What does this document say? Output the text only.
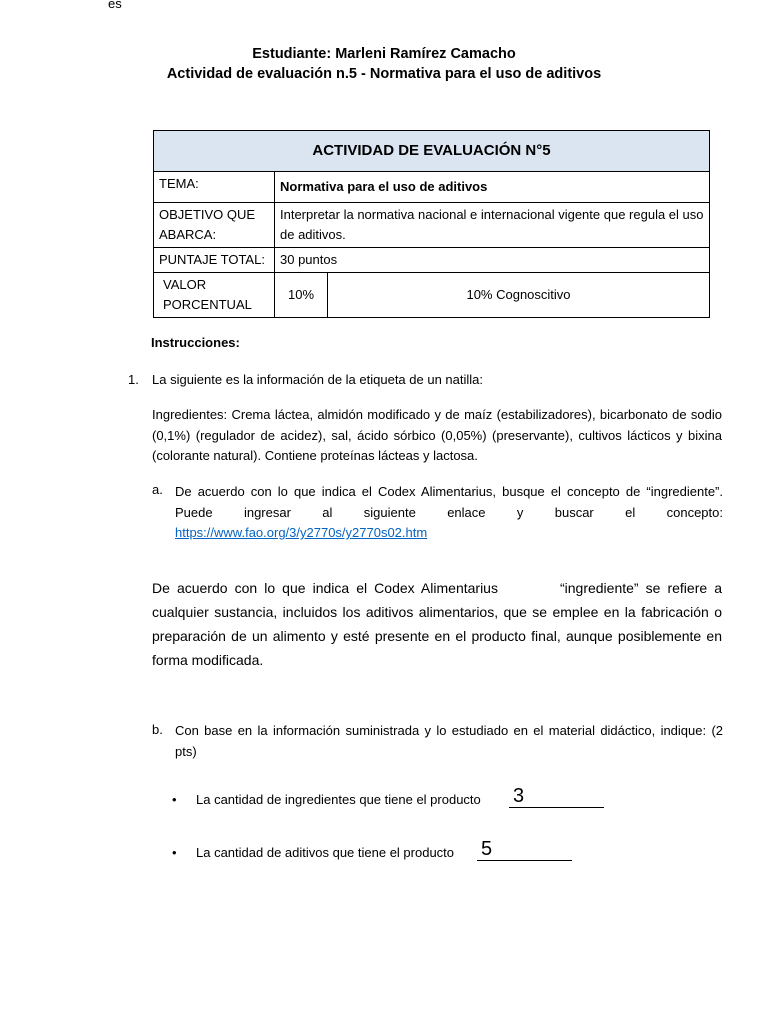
es
Estudiante: Marleni Ramírez Camacho
Actividad de evaluación n.5 - Normativa para el uso de aditivos
ACTIVIDAD DE EVALUACIÓN N°5		
TEMA:	Normativa para el uso de aditivos	
OBJETIVO QUE ABARCA:	Interpretar la normativa nacional e internacional vigente que regula el uso de aditivos.	
PUNTAJE TOTAL:	30 puntos	
VALOR PORCENTUAL	10%	10% Cognoscitivo
Instrucciones:
1. La siguiente es la información de la etiqueta de un natilla:
Ingredientes: Crema láctea, almidón modificado y de maíz (estabilizadores), bicarbonato de sodio (0,1%) (regulador de acidez), sal, ácido sórbico (0,05%) (preservante), cultivos lácticos y bixina (colorante natural). Contiene proteínas lácteas y lactosa.
a. De acuerdo con lo que indica el Codex Alimentarius, busque el concepto de “ingrediente”. Puede ingresar al siguiente enlace y buscar el concepto: https://www.fao.org/3/y2770s/y2770s02.htm
De acuerdo con lo que indica el Codex Alimentarius	“ingrediente” se refiere a cualquier sustancia, incluidos los aditivos alimentarios, que se emplee en la fabricación o preparación de un alimento y esté presente en el producto final, aunque posiblemente en forma modificada.
b. Con base en la información suministrada y lo estudiado en el material didáctico, indique: (2 pts)
• La cantidad de ingredientes que tiene el producto 3
• La cantidad de aditivos que tiene el producto 5
